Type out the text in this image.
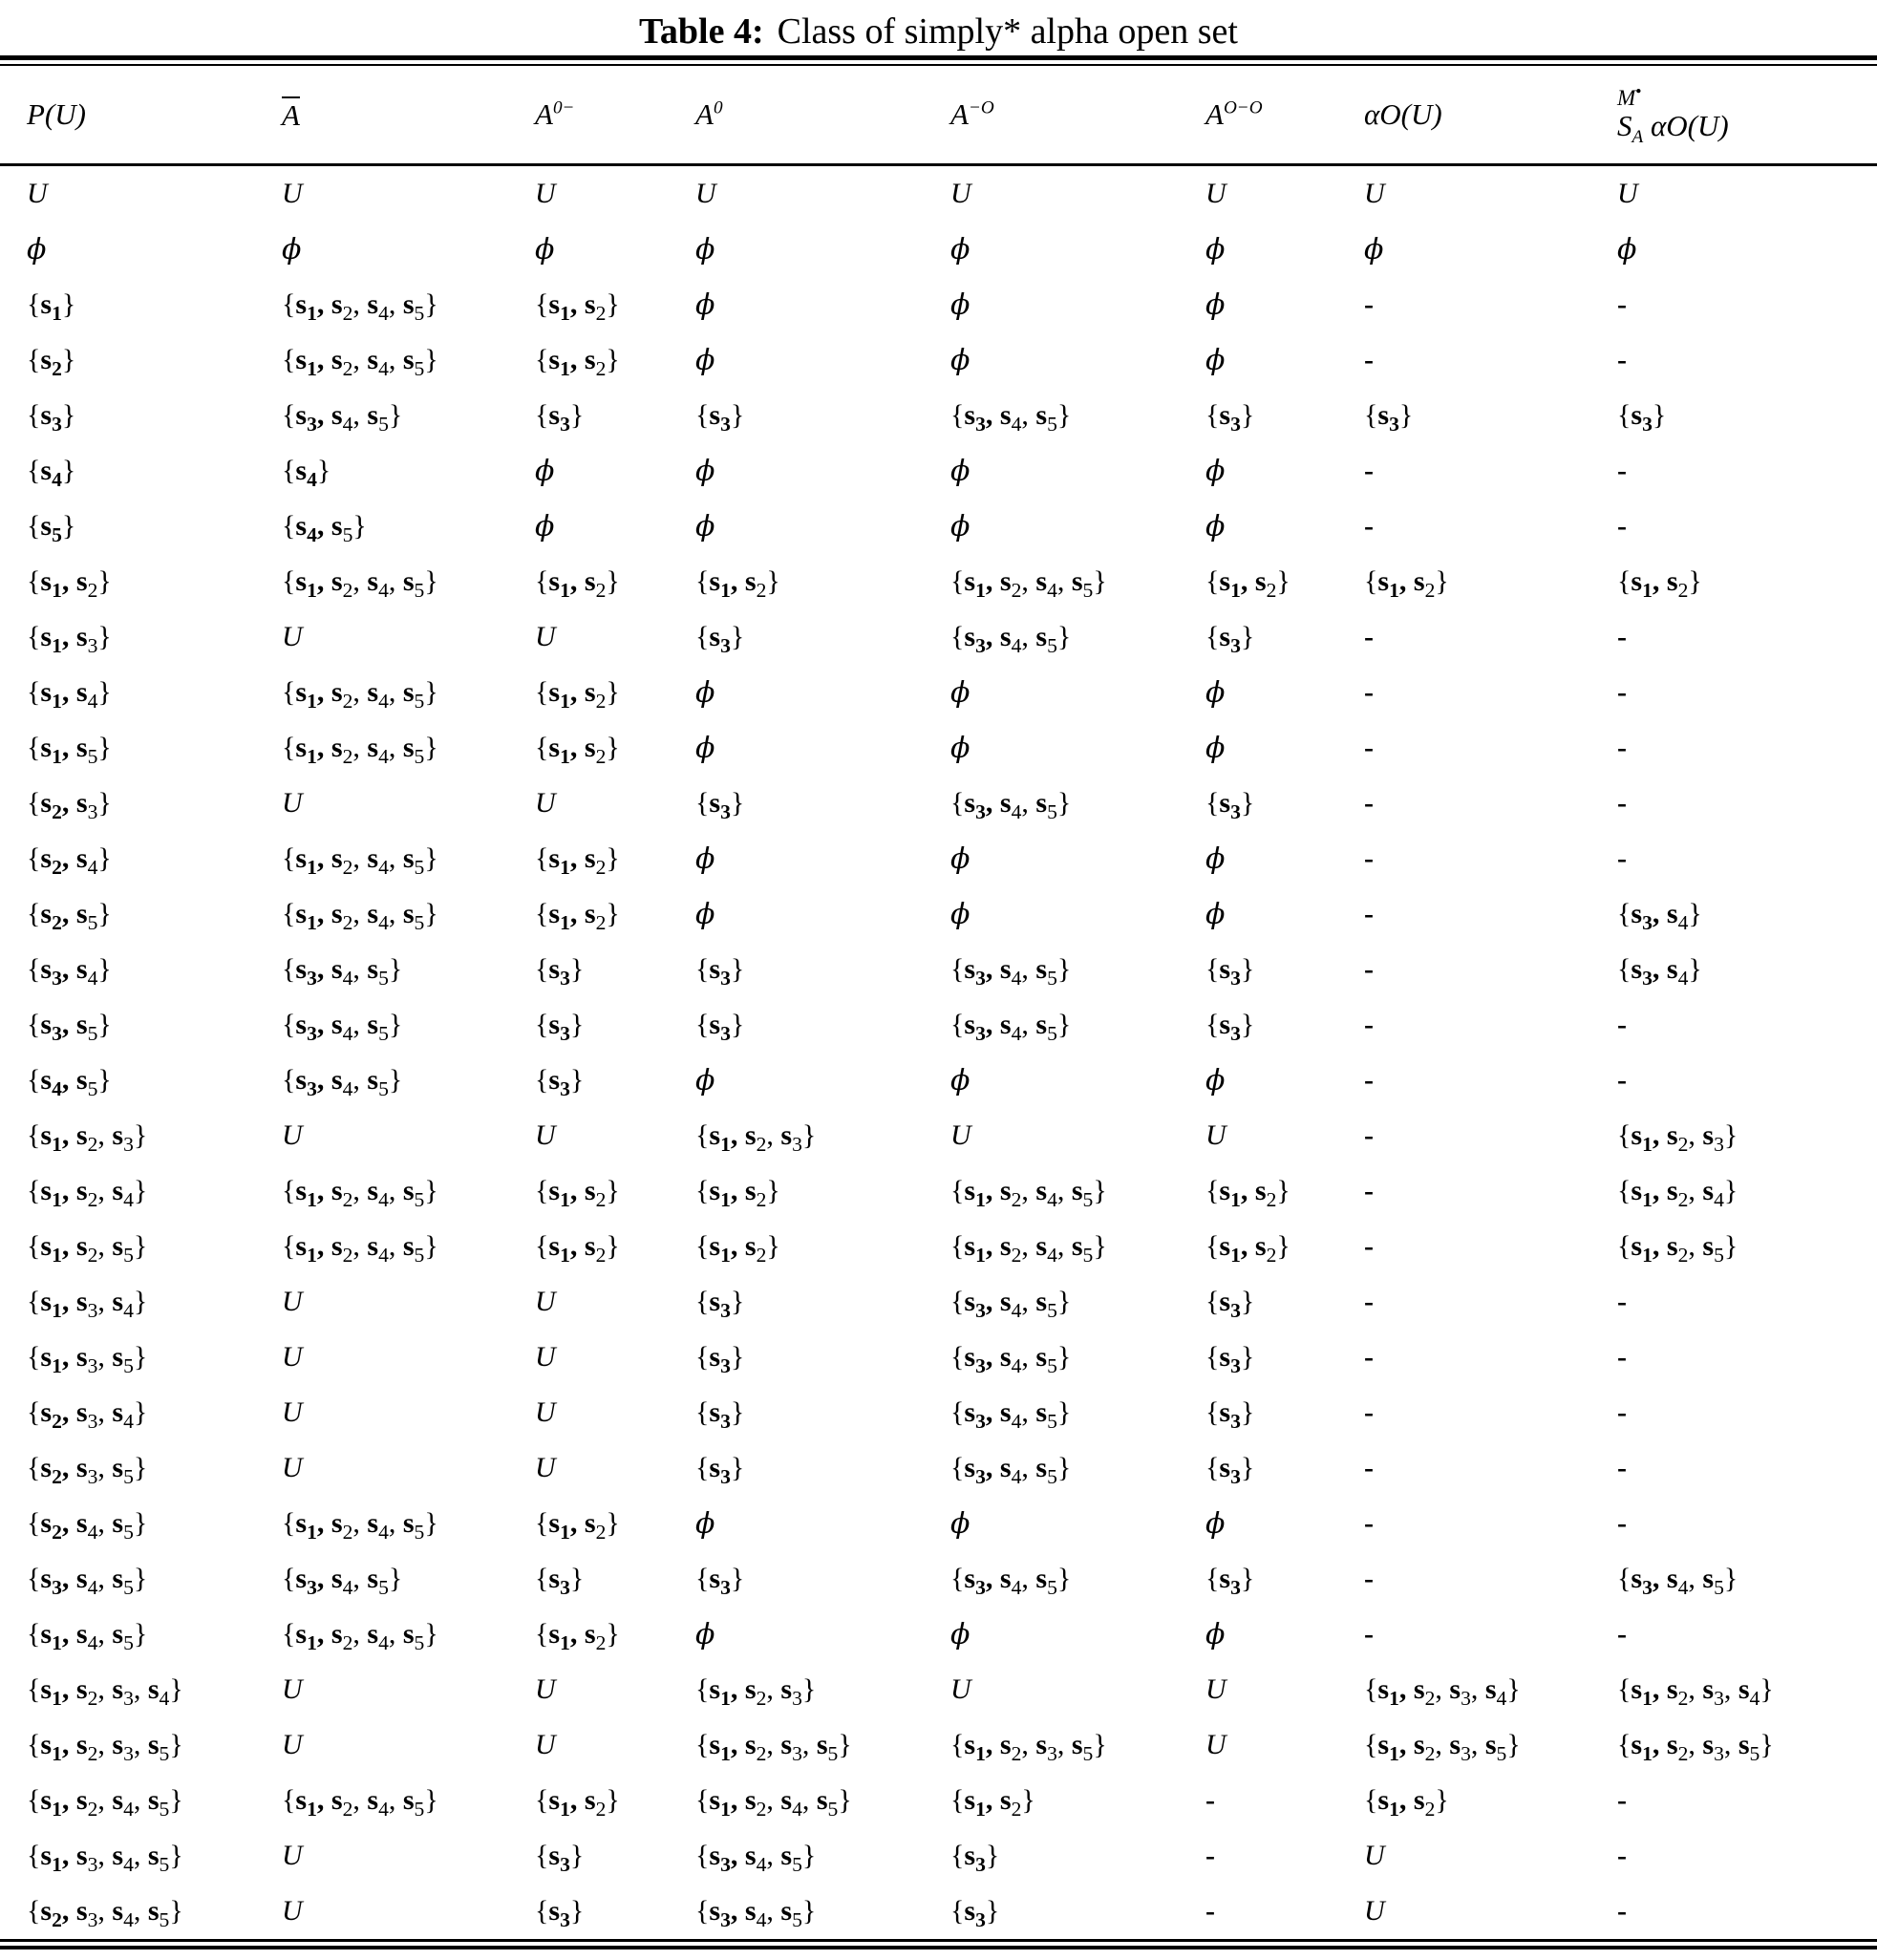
Table 4: Class of simply* alpha open set
P(U)	A	$A^{0-}$	$A^0$	$A^{-O}$	$A^{O-O}$	αO(U)	M•
$S_A$ αO(U)

U	U	U	U	U	U	U	U
ϕ	ϕ	ϕ	ϕ	ϕ	ϕ	ϕ	ϕ
$\{s_1\}$	{$s_1$, $s_2$, $s_4$, $s_5$}	{$s_1$, $s_2$}	ϕ	ϕ	ϕ	-	-
$\{s_2\}$	{$s_1$, $s_2$, $s_4$, $s_5$}	{$s_1$, $s_2$}	ϕ	ϕ	ϕ	-	-
$\{s_3\}$	{$s_3$, $s_4$, $s_5$}	$\{s_3\}$	$\{s_3\}$	{$s_3$, $s_4$, $s_5$}	$\{s_3\}$	$\{s_3\}$	$\{s_3\}$
$\{s_4\}$	$\{s_4\}$	ϕ	ϕ	ϕ	ϕ	-	-
$\{s_5\}$	{$s_4$, $s_5$}	ϕ	ϕ	ϕ	ϕ	-	-
{$s_1$, $s_2$}	{$s_1$, $s_2$, $s_4$, $s_5$}	{$s_1$, $s_2$}	{$s_1$, $s_2$}	{$s_1$, $s_2$, $s_4$, $s_5$}	{$s_1$, $s_2$}	{$s_1$, $s_2$}	{$s_1$, $s_2$}
{$s_1$, $s_3$}	U	U	$\{s_3\}$	{$s_3$, $s_4$, $s_5$}	$\{s_3\}$	-	-
{$s_1$, $s_4$}	{$s_1$, $s_2$, $s_4$, $s_5$}	{$s_1$, $s_2$}	ϕ	ϕ	ϕ	-	-
{$s_1$, $s_5$}	{$s_1$, $s_2$, $s_4$, $s_5$}	{$s_1$, $s_2$}	ϕ	ϕ	ϕ	-	-
{$s_2$, $s_3$}	U	U	$\{s_3\}$	{$s_3$, $s_4$, $s_5$}	$\{s_3\}$	-	-
{$s_2$, $s_4$}	{$s_1$, $s_2$, $s_4$, $s_5$}	{$s_1$, $s_2$}	ϕ	ϕ	ϕ	-	-
{$s_2$, $s_5$}	{$s_1$, $s_2$, $s_4$, $s_5$}	{$s_1$, $s_2$}	ϕ	ϕ	ϕ	-	{$s_3$, $s_4$}
{$s_3$, $s_4$}	{$s_3$, $s_4$, $s_5$}	$\{s_3\}$	$\{s_3\}$	{$s_3$, $s_4$, $s_5$}	$\{s_3\}$	-	{$s_3$, $s_4$}
{$s_3$, $s_5$}	{$s_3$, $s_4$, $s_5$}	$\{s_3\}$	$\{s_3\}$	{$s_3$, $s_4$, $s_5$}	$\{s_3\}$	-	-
{$s_4$, $s_5$}	{$s_3$, $s_4$, $s_5$}	$\{s_3\}$	ϕ	ϕ	ϕ	-	-
{$s_1$, $s_2$, $s_3$}	U	U	{$s_1$, $s_2$, $s_3$}	U	U	-	{$s_1$, $s_2$, $s_3$}
{$s_1$, $s_2$, $s_4$}	{$s_1$, $s_2$, $s_4$, $s_5$}	{$s_1$, $s_2$}	{$s_1$, $s_2$}	{$s_1$, $s_2$, $s_4$, $s_5$}	{$s_1$, $s_2$}	-	{$s_1$, $s_2$, $s_4$}
{$s_1$, $s_2$, $s_5$}	{$s_1$, $s_2$, $s_4$, $s_5$}	{$s_1$, $s_2$}	{$s_1$, $s_2$}	{$s_1$, $s_2$, $s_4$, $s_5$}	{$s_1$, $s_2$}	-	{$s_1$, $s_2$, $s_5$}
{$s_1$, $s_3$, $s_4$}	U	U	$\{s_3\}$	{$s_3$, $s_4$, $s_5$}	$\{s_3\}$	-	-
{$s_1$, $s_3$, $s_5$}	U	U	$\{s_3\}$	{$s_3$, $s_4$, $s_5$}	$\{s_3\}$	-	-
{$s_2$, $s_3$, $s_4$}	U	U	$\{s_3\}$	{$s_3$, $s_4$, $s_5$}	$\{s_3\}$	-	-
{$s_2$, $s_3$, $s_5$}	U	U	$\{s_3\}$	{$s_3$, $s_4$, $s_5$}	$\{s_3\}$	-	-
{$s_2$, $s_4$, $s_5$}	{$s_1$, $s_2$, $s_4$, $s_5$}	{$s_1$, $s_2$}	ϕ	ϕ	ϕ	-	-
{$s_3$, $s_4$, $s_5$}	{$s_3$, $s_4$, $s_5$}	$\{s_3\}$	$\{s_3\}$	{$s_3$, $s_4$, $s_5$}	$\{s_3\}$	-	{$s_3$, $s_4$, $s_5$}
{$s_1$, $s_4$, $s_5$}	{$s_1$, $s_2$, $s_4$, $s_5$}	{$s_1$, $s_2$}	ϕ	ϕ	ϕ	-	-
{$s_1$, $s_2$, $s_3$, $s_4$}	U	U	{$s_1$, $s_2$, $s_3$}	U	U	{$s_1$, $s_2$, $s_3$, $s_4$}	{$s_1$, $s_2$, $s_3$, $s_4$}
{$s_1$, $s_2$, $s_3$, $s_5$}	U	U	{$s_1$, $s_2$, $s_3$, $s_5$}	{$s_1$, $s_2$, $s_3$, $s_5$}	U	{$s_1$, $s_2$, $s_3$, $s_5$}	{$s_1$, $s_2$, $s_3$, $s_5$}
{$s_1$, $s_2$, $s_4$, $s_5$}	{$s_1$, $s_2$, $s_4$, $s_5$}	{$s_1$, $s_2$}	{$s_1$, $s_2$, $s_4$, $s_5$}	{$s_1$, $s_2$}	-	{$s_1$, $s_2$}	-
{$s_1$, $s_3$, $s_4$, $s_5$}	U	$\{s_3\}$	{$s_3$, $s_4$, $s_5$}	$\{s_3\}$	-	U	-
{$s_2$, $s_3$, $s_4$, $s_5$}	U	$\{s_3\}$	{$s_3$, $s_4$, $s_5$}	$\{s_3\}$	-	U	-
